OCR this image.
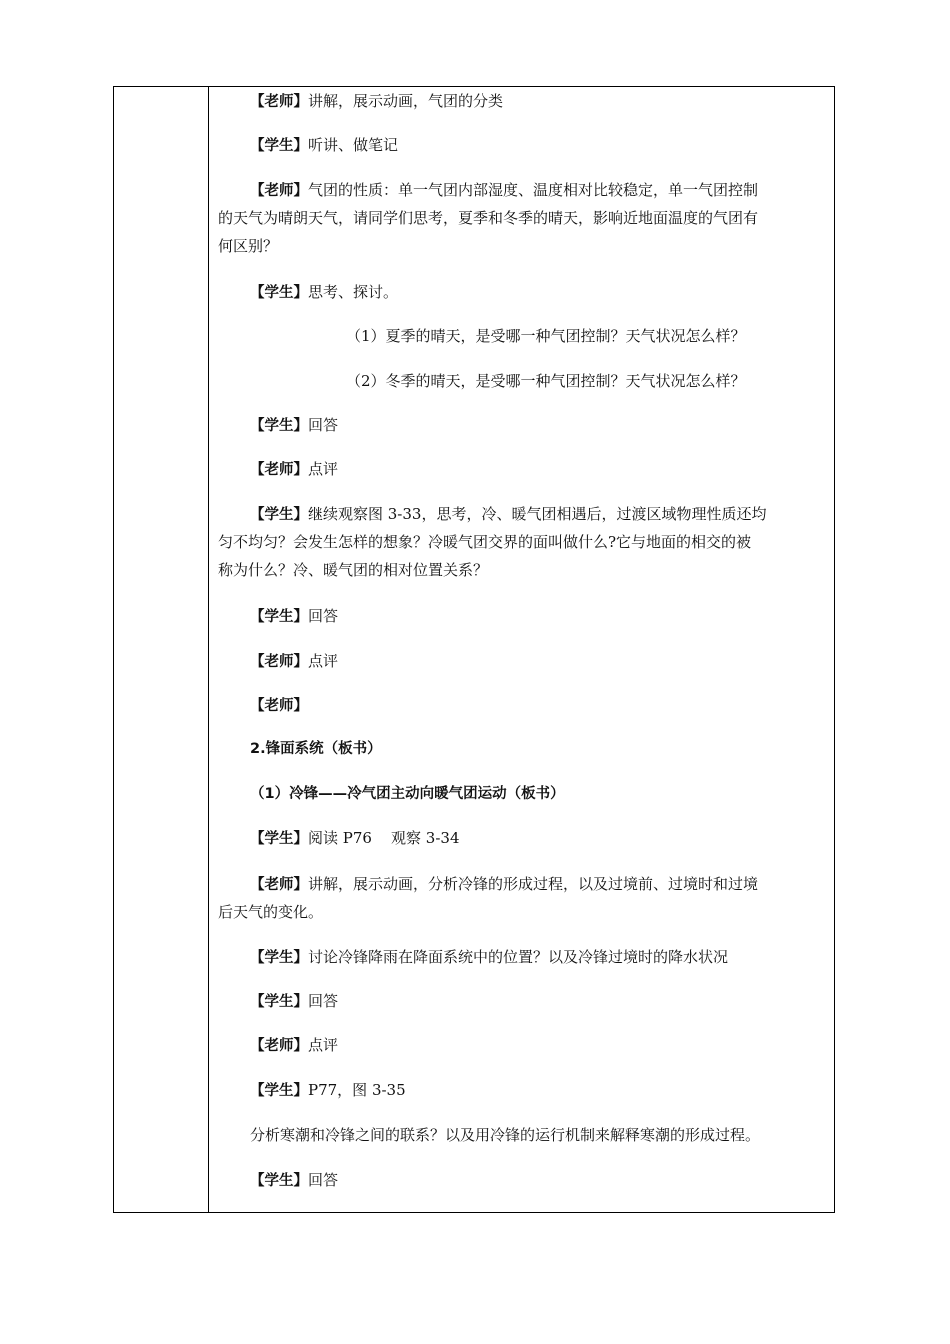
【老师】讲解，展示动画，气团的分类
【学生】听讲、做笔记
【老师】气团的性质：单一气团内部湿度、温度相对比较稳定，单一气团控制
的天气为晴朗天气，请同学们思考，夏季和冬季的晴天，影响近地面温度的气团有
何区别？
【学生】思考、探讨。
（1）夏季的晴天，是受哪一种气团控制？天气状况怎么样？
（2）冬季的晴天，是受哪一种气团控制？天气状况怎么样？
【学生】回答
【老师】点评
【学生】继续观察图 3-33，思考，冷、暖气团相遇后，过渡区域物理性质还均
匀不均匀？会发生怎样的想象？冷暖气团交界的面叫做什么?它与地面的相交的被
称为什么？冷、暖气团的相对位置关系？
【学生】回答
【老师】点评
【老师】
2.锋面系统（板书）
（1）冷锋——冷气团主动向暖气团运动（板书）
【学生】阅读 P76    观察 3-34
【老师】讲解，展示动画，分析冷锋的形成过程，以及过境前、过境时和过境
后天气的变化。
【学生】讨论冷锋降雨在降面系统中的位置？以及冷锋过境时的降水状况
【学生】回答
【老师】点评
【学生】P77，图 3-35
分析寒潮和冷锋之间的联系？以及用冷锋的运行机制来解释寒潮的形成过程。
【学生】回答
